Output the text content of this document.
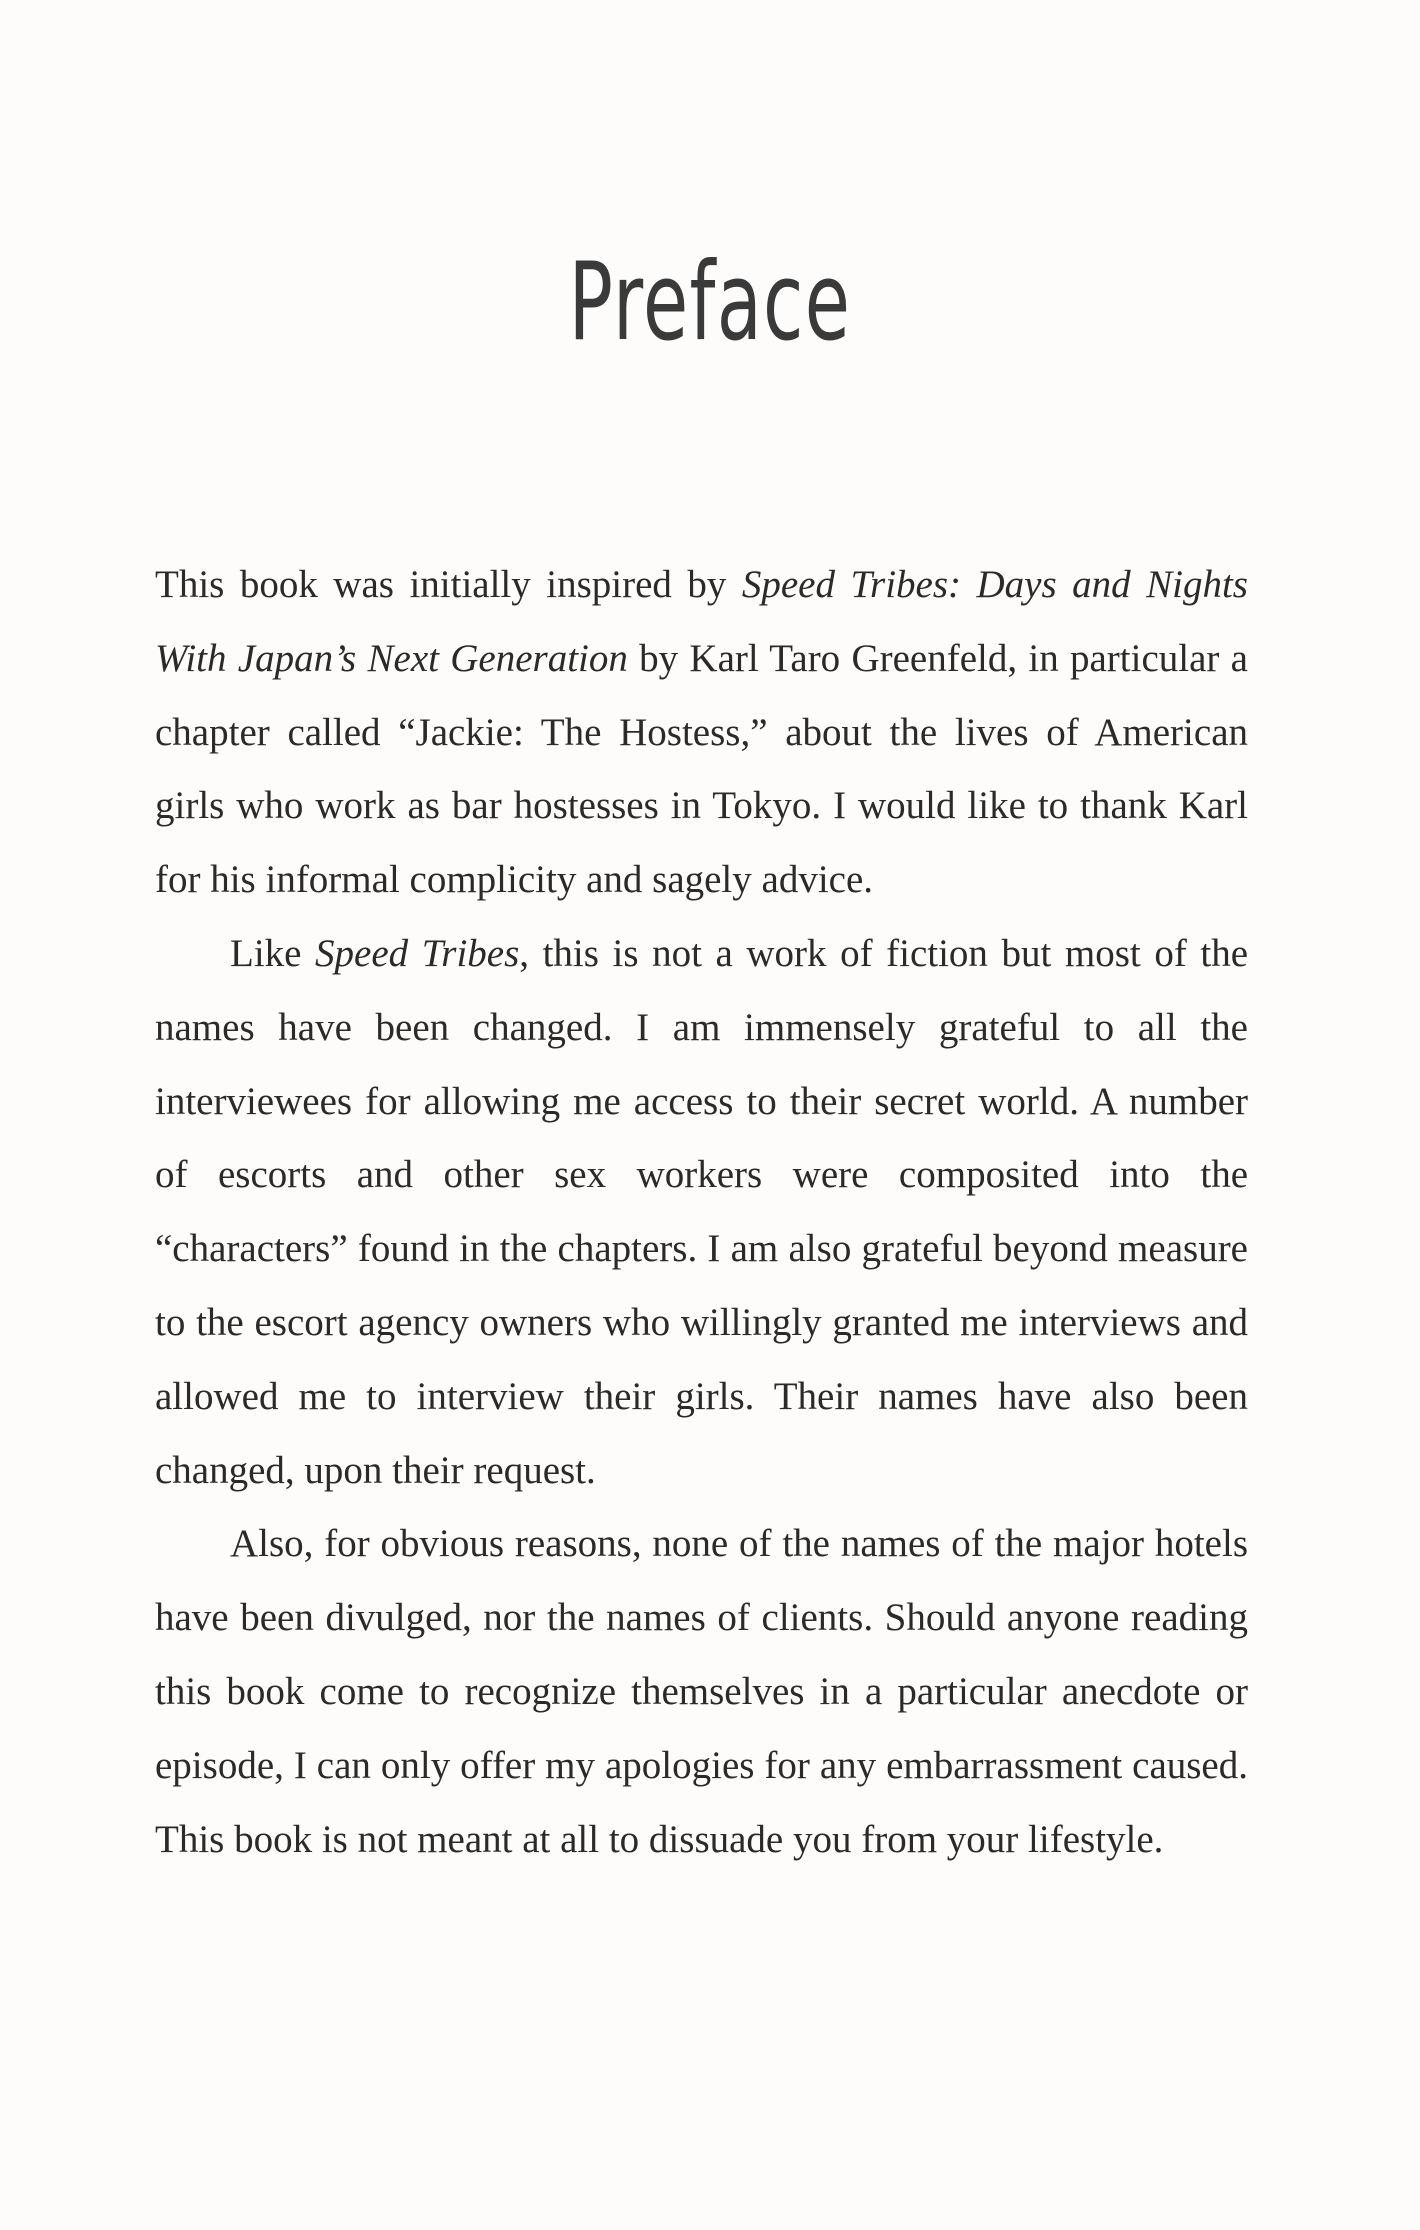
Preface

This book was initially inspired by Speed Tribes: Days and Nights With Japan’s Next Generation by Karl Taro Greenfeld, in particular a chapter called “Jackie: The Hostess,” about the lives of American girls who work as bar hostesses in Tokyo. I would like to thank Karl for his informal complicity and sagely advice.

Like Speed Tribes, this is not a work of fiction but most of the names have been changed. I am immensely grateful to all the interviewees for allowing me access to their secret world. A number of escorts and other sex workers were composited into the “characters” found in the chapters. I am also grateful beyond measure to the escort agency owners who willingly granted me interviews and allowed me to interview their girls. Their names have also been changed, upon their request.

Also, for obvious reasons, none of the names of the major hotels have been divulged, nor the names of clients. Should anyone reading this book come to recognize themselves in a particular anecdote or episode, I can only offer my apologies for any embarrassment caused. This book is not meant at all to dissuade you from your lifestyle.
